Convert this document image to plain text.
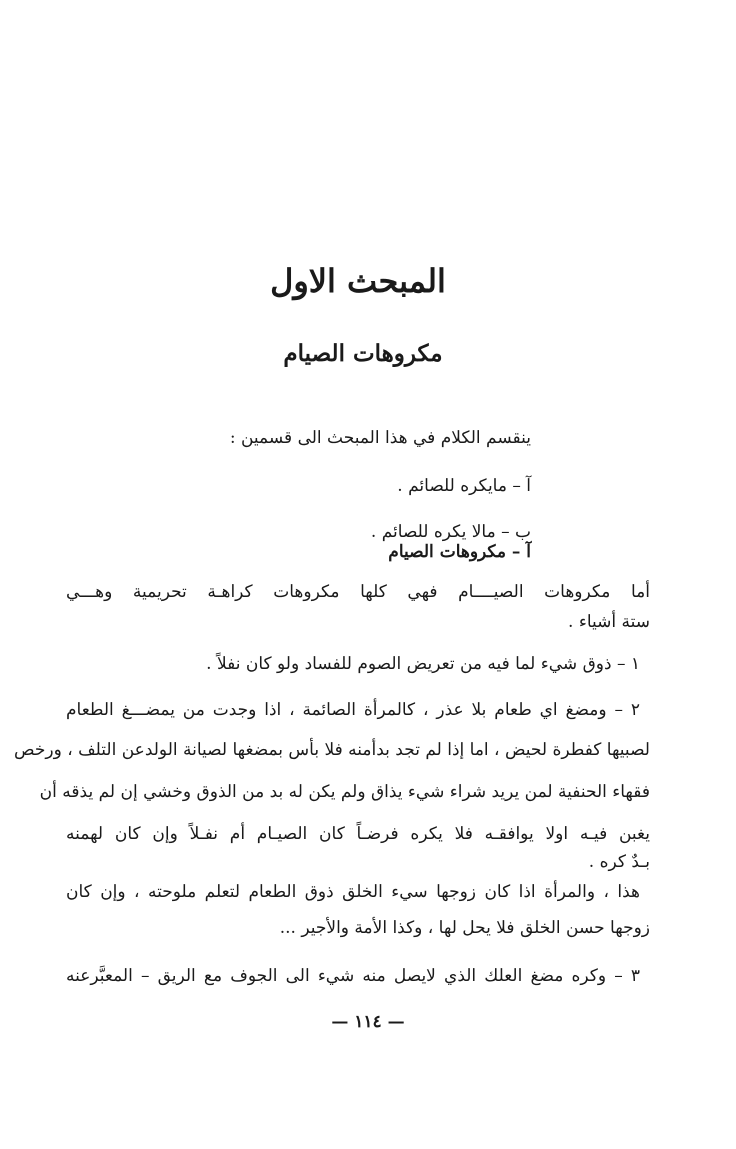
المبحث الاول
مكروهات الصيام

ينقسم الكلام في هذا المبحث الى قسمين :

آ – مايكره للصائم .

ب – مالا يكره للصائم .

آ – مكروهات الصيام

أما مكروهات الصيــــام فهي كلها مكروهات كراهـة تحريمية وهـــي

ستة أشياء .

١ – ذوق شيء لما فيه من تعريض الصوم للفساد ولو كان نفلاً .

٢ – ومضغ اي طعام بلا عذر ، كالمرأة الصائمة ، اذا وجدت من يمضـــغ الطعام

لصبيها كفطرة لحيض ، اما إذا لم تجد بدأمنه فلا بأس بمضغها لصيانة الولدعن التلف ، ورخص

فقهاء الحنفية لمن يريد شراء شيء يذاق ولم يكن له بد من الذوق وخشي إن لم يذقه أن

يغبن فيـه اولا يوافقـه فلا يكره فرضـاً كان الصيـام أم نفـلاً وإن كان لهمنه

بـدٌ كره .

هذا ، والمرأة اذا كان زوجها سيء الخلق ذوق الطعام لتعلم ملوحته ، وإن كان

زوجها حسن الخلق فلا يحل لها ، وكذا الأمة والأجير ...

٣ – وكره مضغ العلك الذي لايصل منه شيء الى الجوف مع الريق – المعبَّرعنه

— ١١٤ —
